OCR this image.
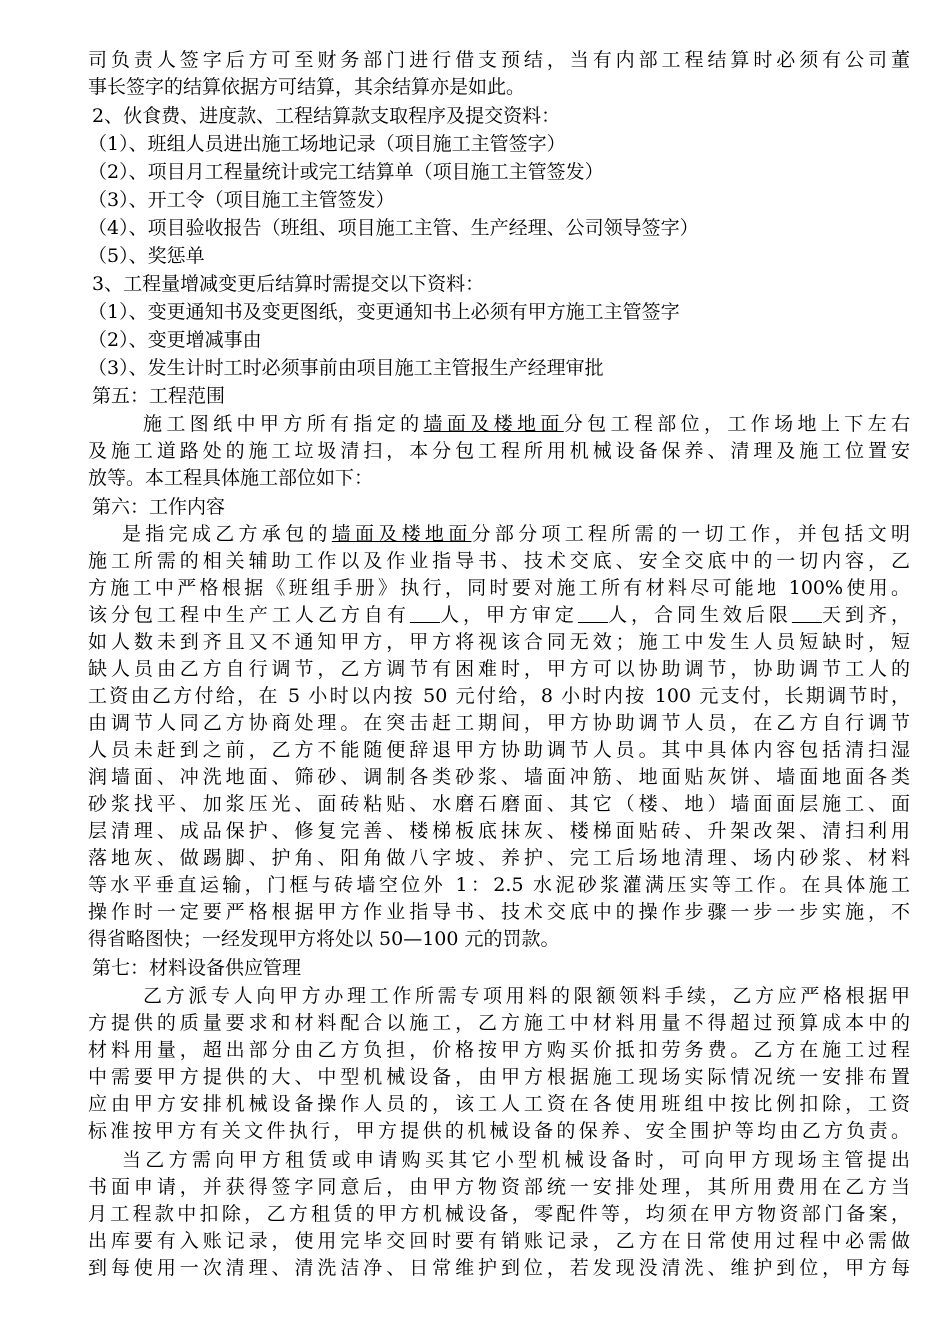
司负责人签字后方可至财务部门进行借支预结，当有内部工程结算时必须有公司董
事长签字的结算依据方可结算，其余结算亦是如此。
2、伙食费、进度款、工程结算款支取程序及提交资料：
（1）、班组人员进出施工场地记录（项目施工主管签字）
（2）、项目月工程量统计或完工结算单（项目施工主管签发）
（3）、开工令（项目施工主管签发）
（4）、项目验收报告（班组、项目施工主管、生产经理、公司领导签字）
（5）、奖惩单
3、工程量增减变更后结算时需提交以下资料：
（1）、变更通知书及变更图纸，变更通知书上必须有甲方施工主管签字
（2）、变更增减事由
（3）、发生计时工时必须事前由项目施工主管报生产经理审批
第五：工程范围
施工图纸中甲方所有指定的墙面及楼地面分包工程部位，工作场地上下左右
及施工道路处的施工垃圾清扫，本分包工程所用机械设备保养、清理及施工位置安
放等。本工程具体施工部位如下：
第六：工作内容
是指完成乙方承包的墙面及楼地面分部分项工程所需的一切工作，并包括文明
施工所需的相关辅助工作以及作业指导书、技术交底、安全交底中的一切内容，乙
方施工中严格根据《班组手册》执行，同时要对施工所有材料尽可能地 100%使用。
该分包工程中生产工人乙方自有 人，甲方审定 人，合同生效后限 天到齐，
如人数未到齐且又不通知甲方，甲方将视该合同无效；施工中发生人员短缺时，短
缺人员由乙方自行调节，乙方调节有困难时，甲方可以协助调节，协助调节工人的
工资由乙方付给，在 5 小时以内按 50 元付给，8 小时内按 100 元支付，长期调节时，
由调节人同乙方协商处理。在突击赶工期间，甲方协助调节人员，在乙方自行调节
人员未赶到之前，乙方不能随便辞退甲方协助调节人员。其中具体内容包括清扫湿
润墙面、冲洗地面、筛砂、调制各类砂浆、墙面冲筋、地面贴灰饼、墙面地面各类
砂浆找平、加浆压光、面砖粘贴、水磨石磨面、其它（楼、地）墙面面层施工、面
层清理、成品保护、修复完善、楼梯板底抹灰、楼梯面贴砖、升架改架、清扫利用
落地灰、做踢脚、护角、阳角做八字坡、养护、完工后场地清理、场内砂浆、材料
等水平垂直运输，门框与砖墙空位外 1：2.5 水泥砂浆灌满压实等工作。在具体施工
操作时一定要严格根据甲方作业指导书、技术交底中的操作步骤一步一步实施，不
得省略图快；一经发现甲方将处以 50—100 元的罚款。
第七：材料设备供应管理
乙方派专人向甲方办理工作所需专项用料的限额领料手续，乙方应严格根据甲
方提供的质量要求和材料配合以施工，乙方施工中材料用量不得超过预算成本中的
材料用量，超出部分由乙方负担，价格按甲方购买价抵扣劳务费。乙方在施工过程
中需要甲方提供的大、中型机械设备，由甲方根据施工现场实际情况统一安排布置
应由甲方安排机械设备操作人员的，该工人工资在各使用班组中按比例扣除，工资
标准按甲方有关文件执行，甲方提供的机械设备的保养、安全围护等均由乙方负责。
当乙方需向甲方租赁或申请购买其它小型机械设备时，可向甲方现场主管提出
书面申请，并获得签字同意后，由甲方物资部统一安排处理，其所用费用在乙方当
月工程款中扣除，乙方租赁的甲方机械设备，零配件等，均须在甲方物资部门备案，
出库要有入账记录，使用完毕交回时要有销账记录，乙方在日常使用过程中必需做
到每使用一次清理、清洗洁净、日常维护到位，若发现没清洗、维护到位，甲方每
